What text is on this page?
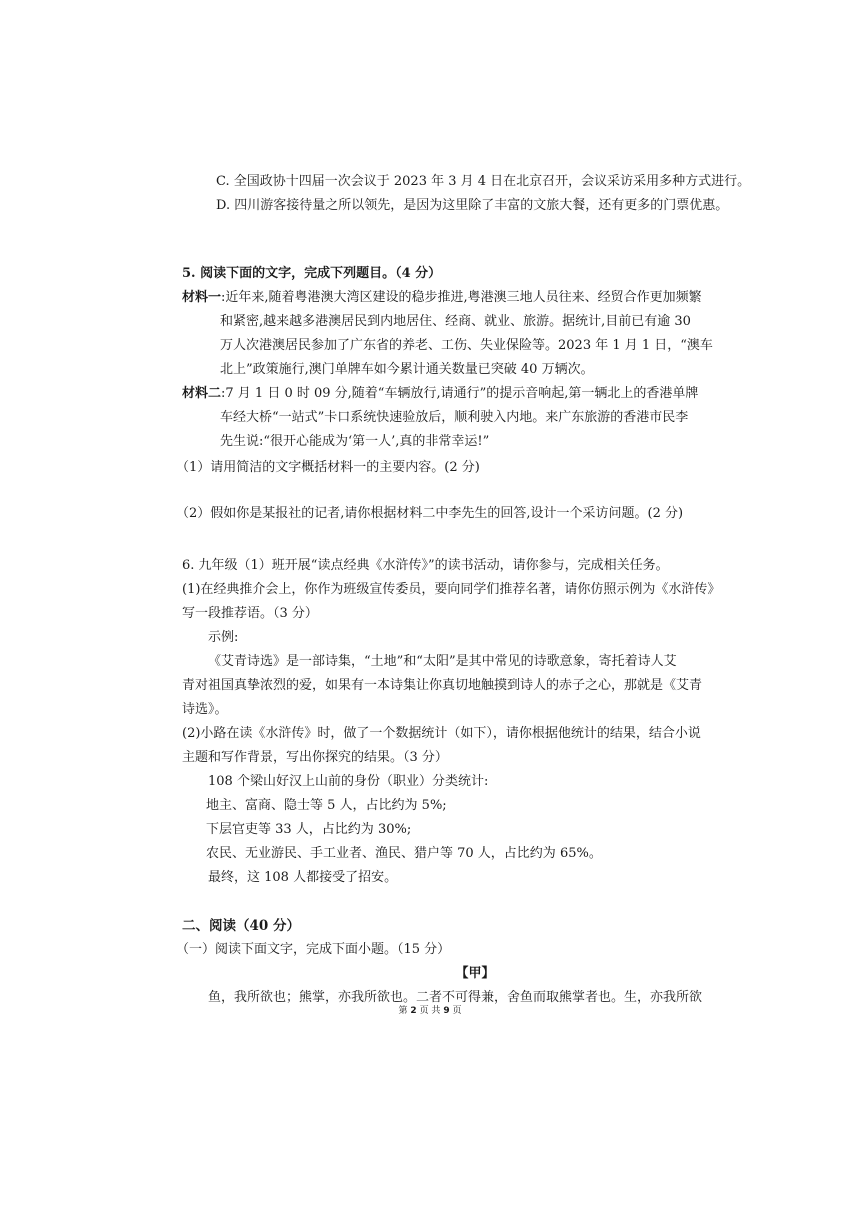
C. 全国政协十四届一次会议于 2023 年 3 月 4 日在北京召开，会议采访采用多种方式进行。
D. 四川游客接待量之所以领先，是因为这里除了丰富的文旅大餐，还有更多的门票优惠。
5. 阅读下面的文字，完成下列题目。（4 分）
材料一:近年来,随着粤港澳大湾区建设的稳步推进,粤港澳三地人员往来、经贸合作更加频繁
和紧密,越来越多港澳居民到内地居住、经商、就业、旅游。据统计,目前已有逾 30
万人次港澳居民参加了广东省的养老、工伤、失业保险等。2023 年 1 月 1 日，“澳车
北上”政策施行,澳门单牌车如今累计通关数量已突破 40 万辆次。
材料二:7 月 1 日 0 时 09 分,随着“车辆放行,请通行”的提示音响起,第一辆北上的香港单牌
车经大桥“一站式”卡口系统快速验放后，顺利驶入内地。来广东旅游的香港市民李
先生说:“很开心能成为‘第一人’,真的非常幸运!”
（1）请用简洁的文字概括材料一的主要内容。(2 分)
（2）假如你是某报社的记者,请你根据材料二中李先生的回答,设计一个采访问题。(2 分)
6. 九年级（1）班开展“读点经典《水浒传》”的读书活动，请你参与，完成相关任务。
(1)在经典推介会上，你作为班级宣传委员，要向同学们推荐名著，请你仿照示例为《水浒传》
写一段推荐语。（3 分）
示例:
《艾青诗选》是一部诗集，“土地”和“太阳”是其中常见的诗歌意象，寄托着诗人艾
青对祖国真挚浓烈的爱，如果有一本诗集让你真切地触摸到诗人的赤子之心，那就是《艾青
诗选》。
(2)小路在读《水浒传》时，做了一个数据统计（如下），请你根据他统计的结果，结合小说
主题和写作背景，写出你探究的结果。（3 分）
108 个梁山好汉上山前的身份（职业）分类统计:
地主、富商、隐士等 5 人，占比约为 5%;
下层官吏等 33 人，占比约为 30%;
农民、无业游民、手工业者、渔民、猎户等 70 人，占比约为 65%。
最终，这 108 人都接受了招安。
二、阅读（40 分）
（一）阅读下面文字，完成下面小题。（15 分）
【甲】
鱼，我所欲也；熊掌，亦我所欲也。二者不可得兼，舍鱼而取熊掌者也。生，亦我所欲
第 2 页 共 9 页
